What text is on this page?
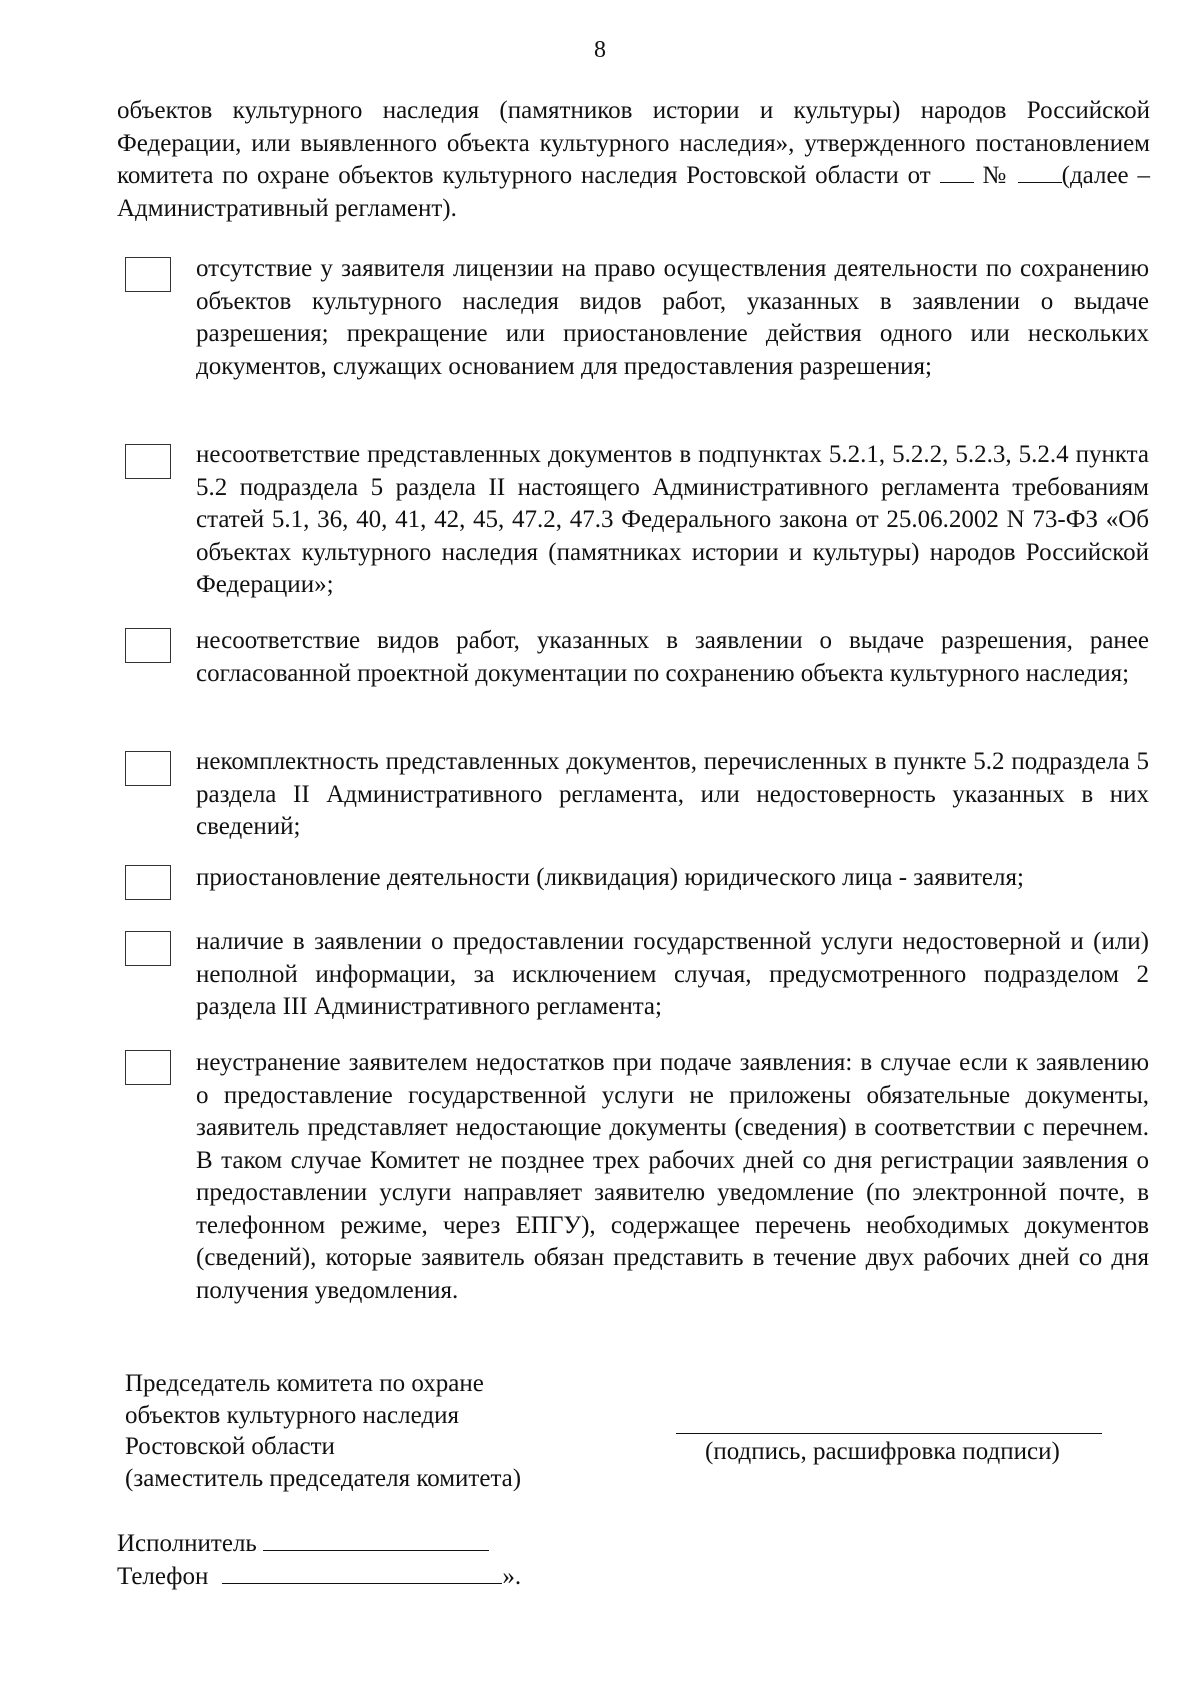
8
объектов культурного наследия (памятников истории и культуры) народов Российской Федерации, или выявленного объекта культурного наследия», утвержденного постановлением комитета по охране объектов культурного наследия Ростовской области от  № (далее – Административный регламент).
отсутствие у заявителя лицензии на право осуществления деятельности по сохранению объектов культурного наследия видов работ, указанных в заявлении о выдаче разрешения; прекращение или приостановление действия одного или нескольких документов, служащих основанием для предоставления разрешения;
несоответствие представленных документов в подпунктах 5.2.1, 5.2.2, 5.2.3, 5.2.4 пункта 5.2 подраздела 5 раздела II настоящего Административного регламента требованиям статей 5.1, 36, 40, 41, 42, 45, 47.2, 47.3 Федерального закона от 25.06.2002 N 73-ФЗ «Об объектах культурного наследия (памятниках истории и культуры) народов Российской Федерации»;
несоответствие видов работ, указанных в заявлении о выдаче разрешения, ранее согласованной проектной документации по сохранению объекта культурного наследия;
некомплектность представленных документов, перечисленных в пункте 5.2 подраздела 5 раздела II Административного регламента, или недостоверность указанных в них сведений;
приостановление деятельности (ликвидация) юридического лица - заявителя;
наличие в заявлении о предоставлении государственной услуги недостоверной и (или) неполной информации, за исключением случая, предусмотренного подразделом 2 раздела III Административного регламента;
неустранение заявителем недостатков при подаче заявления: в случае если к заявлению о предоставление государственной услуги не приложены обязательные документы, заявитель представляет недостающие документы (сведения) в соответствии с перечнем. В таком случае Комитет не позднее трех рабочих дней со дня регистрации заявления о предоставлении услуги направляет заявителю уведомление (по электронной почте, в телефонном режиме, через ЕПГУ), содержащее перечень необходимых документов (сведений), которые заявитель обязан представить в течение двух рабочих дней со дня получения уведомления.
Председатель комитета по охране
объектов культурного наследия
Ростовской области
(заместитель председателя комитета)
(подпись, расшифровка подписи)
Исполнитель
Телефон	».
